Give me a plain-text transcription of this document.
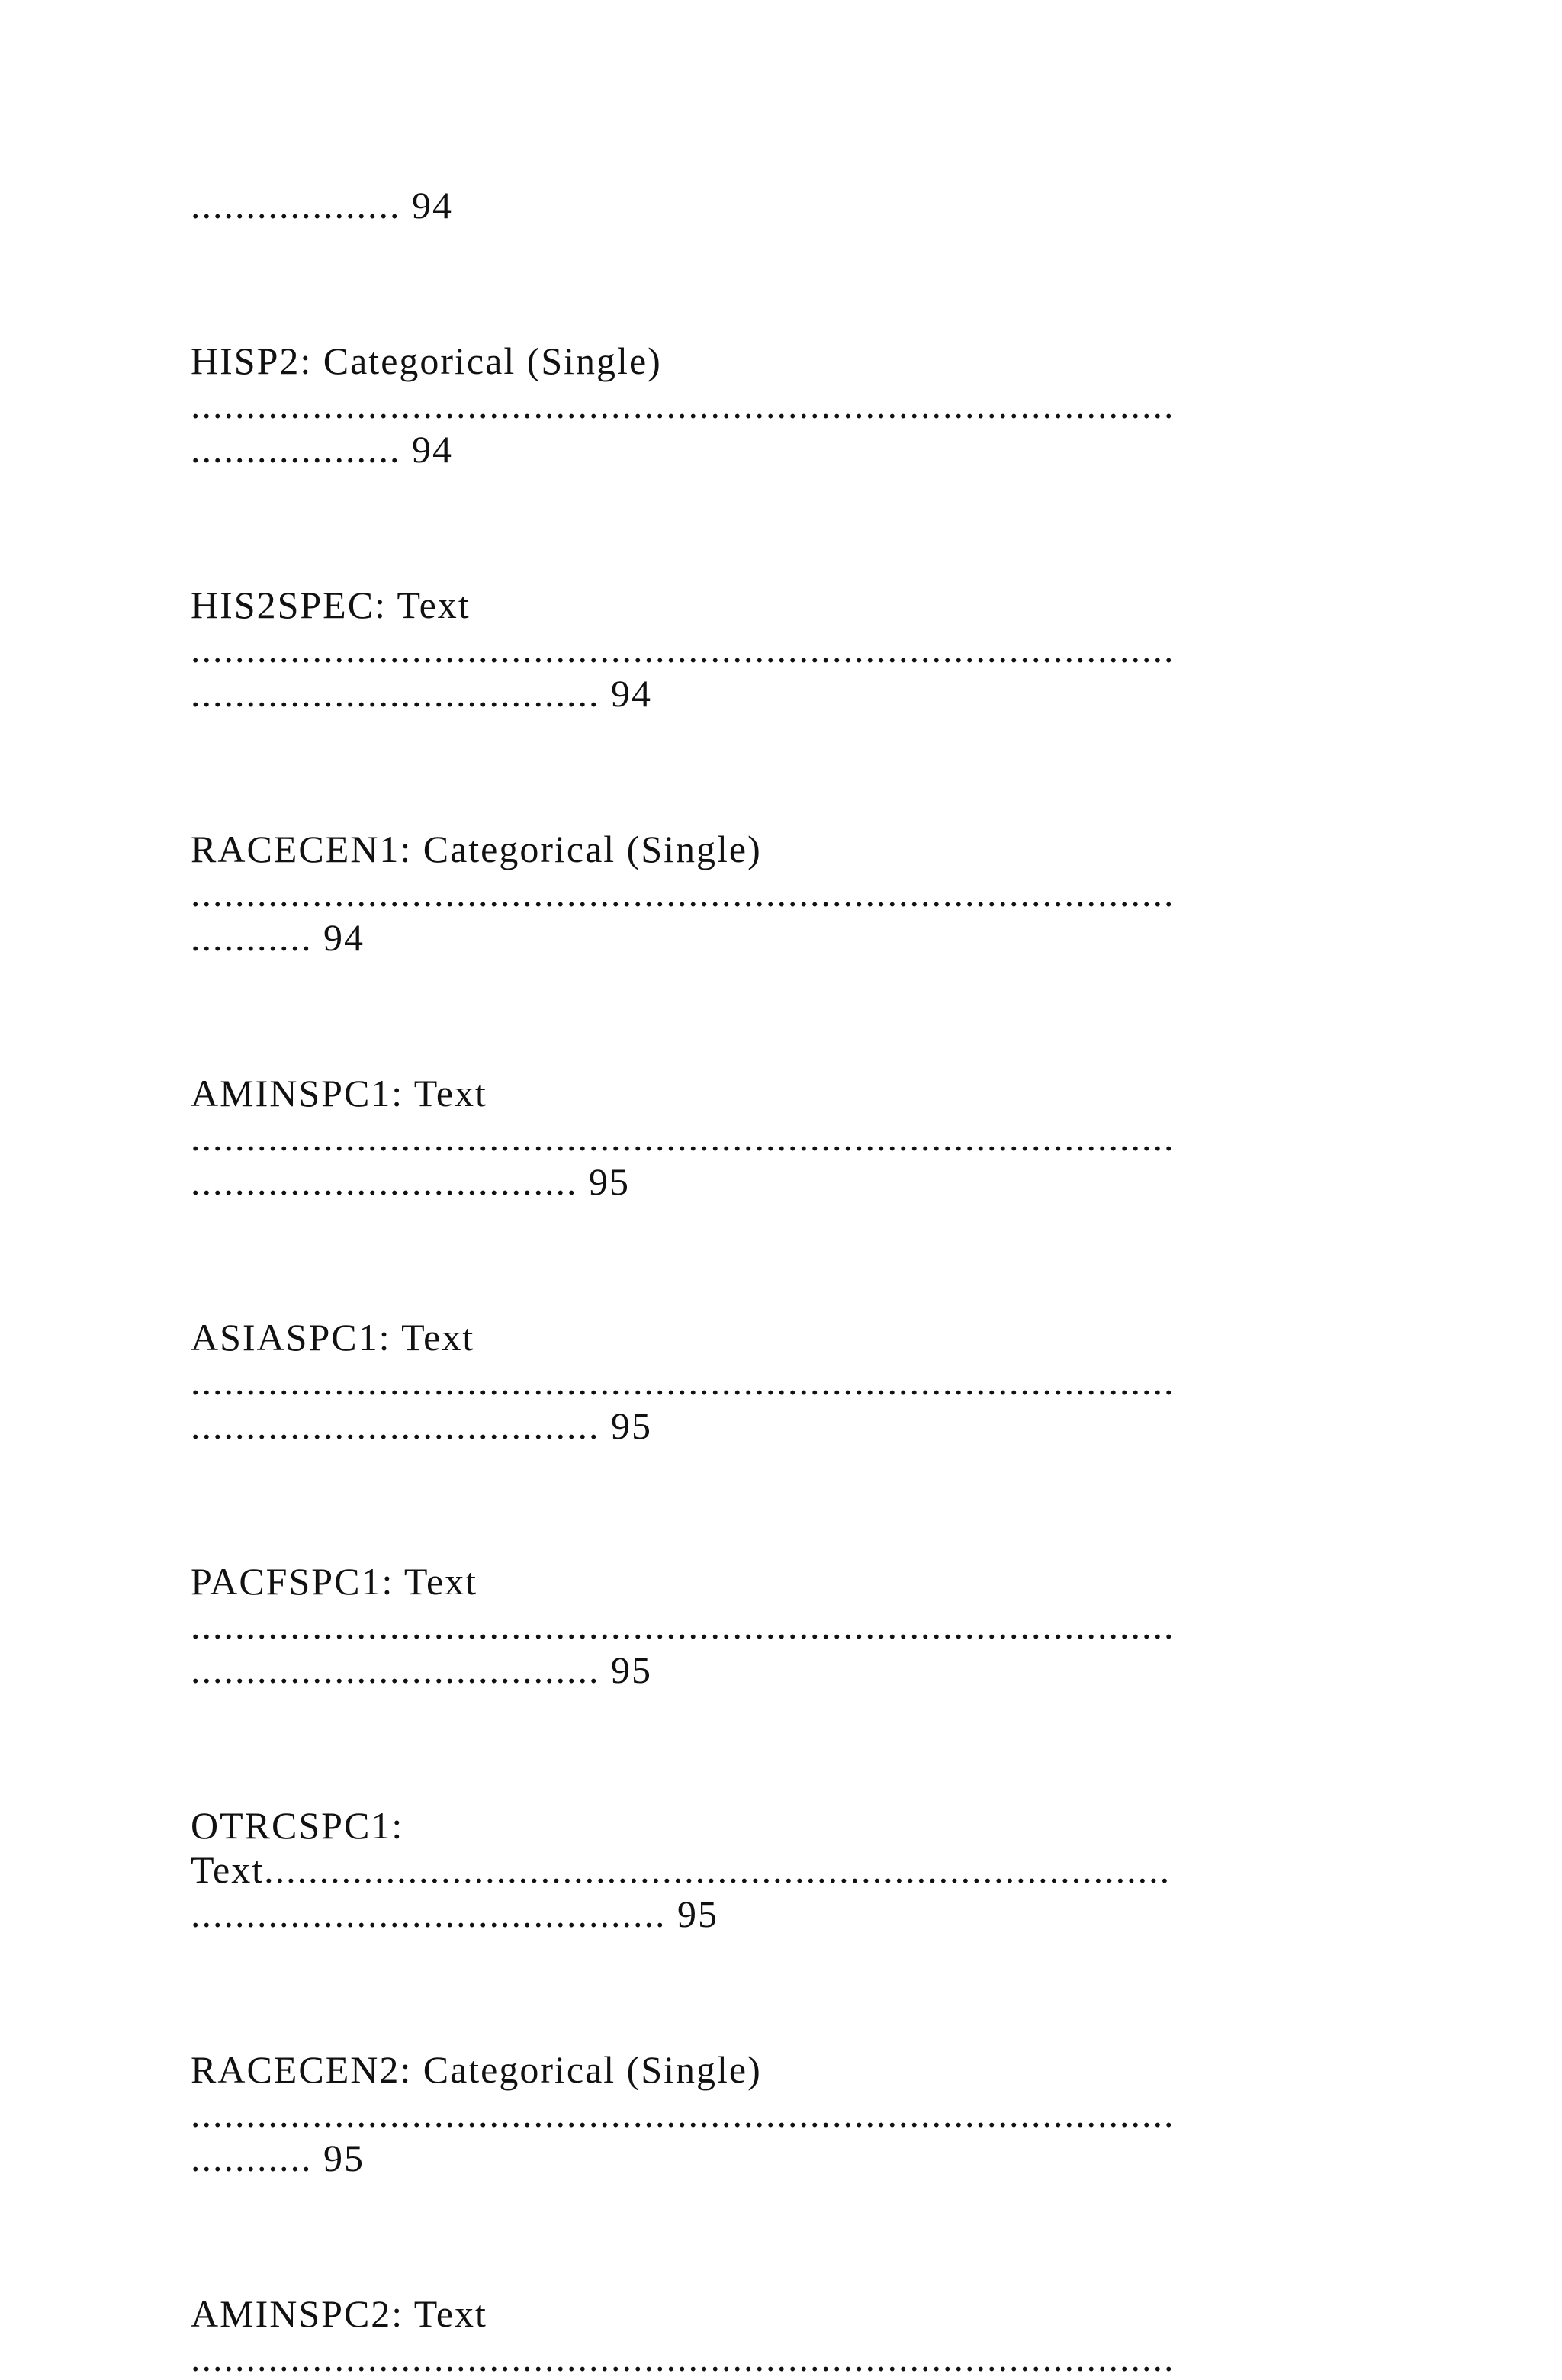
................... 94
HISP2: Categorical (Single)
.........................................................................................
................... 94
HIS2SPEC: Text
.........................................................................................
..................................... 94
RACECEN1: Categorical (Single)
.........................................................................................
........... 94
AMINSPC1: Text
.........................................................................................
................................... 95
ASIASPC1: Text
.........................................................................................
..................................... 95
PACFSPC1: Text
.........................................................................................
..................................... 95
OTRCSPC1:
Text..................................................................................
........................................... 95
RACECEN2: Categorical (Single)
.........................................................................................
........... 95
AMINSPC2: Text
.........................................................................................
